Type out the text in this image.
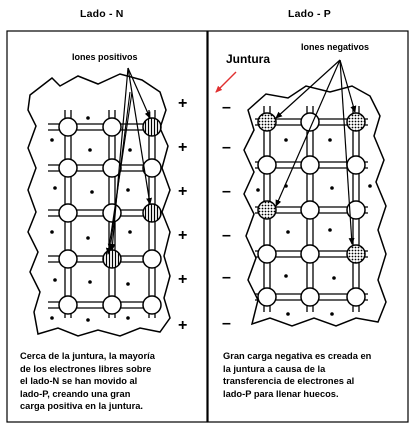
Lado - N	Lado - P
Iones positivos
Iones negativos
Juntura
+
+
+
+
+
+
–
–
–
–
–
–
Cerca de la juntura, la mayoría
de los electrones libres sobre
el lado-N se han movido al
lado-P, creando una gran
carga positiva en la juntura.
Gran carga negativa es creada en
la juntura a causa de la
transferencia de electrones al
lado-P para llenar huecos.
